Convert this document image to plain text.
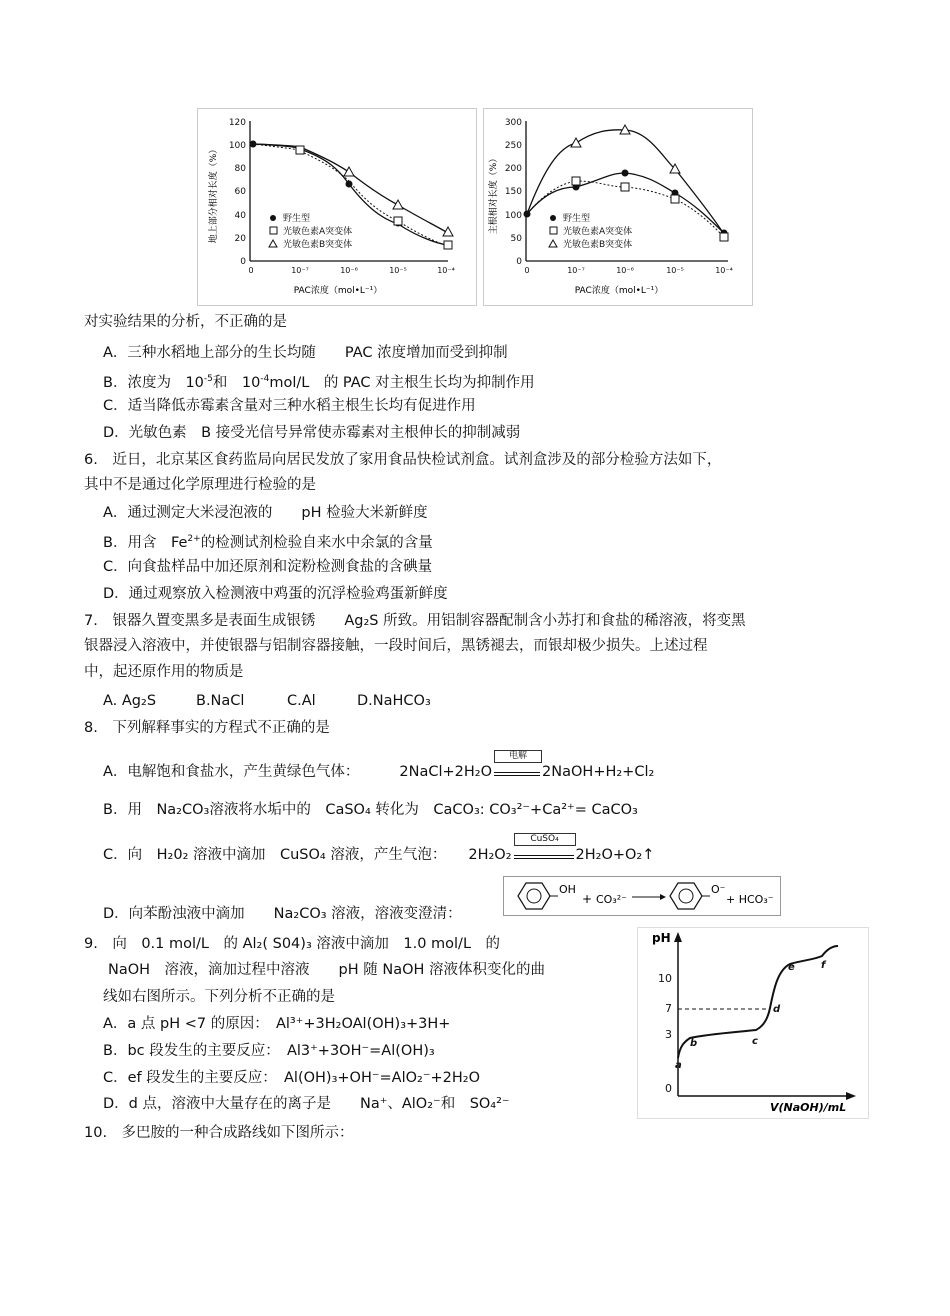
0
20
40
60
80
100
120
0	10⁻⁷	10⁻⁶	10⁻⁵	10⁻⁴
PAC浓度（mol•L⁻¹）
地上部分相对长度（%）	野生型
光敏色素A突变体
光敏色素B突变体
0
50
100
150
200
250
300
0	10⁻⁷	10⁻⁶	10⁻⁵	10⁻⁴
PAC浓度（mol•L⁻¹）
主根相对长度（%）	野生型
光敏色素A突变体
光敏色素B突变体
对实验结果的分析，不正确的是
A．三种水稻地上部分的生长均随　　PAC 浓度增加而受到抑制
B．浓度为　$10^{-5}$和　$10^{-4}mol/L$　的 PAC 对主根生长均为抑制作用
C．适当降低赤霉素含量对三种水稻主根生长均有促进作用
D．光敏色素　B 接受光信号异常使赤霉素对主根伸长的抑制减弱
6.　近日，北京某区食药监局向居民发放了家用食品快检试剂盒。试剂盒涉及的部分检验方法如下，
其中不是通过化学原理进行检验的是
A．通过测定大米浸泡液的　　pH 检验大米新鲜度
B．用含　$Fe^{2+}$的检测试剂检验自来水中余氯的含量
C．向食盐样品中加还原剂和淀粉检测食盐的含碘量
D．通过观察放入检测液中鸡蛋的沉浮检验鸡蛋新鲜度
7.　银器久置变黑多是表面生成银锈　　Ag₂S 所致。用铝制容器配制含小苏打和食盐的稀溶液，将变黑
银器浸入溶液中，并使银器与铝制容器接触，一段时间后，黑锈褪去，而银却极少损失。上述过程
中，起还原作用的物质是
A. Ag₂S	B.NaCl	C.Al	D.NaHCO₃
8.　下列解释事实的方程式不正确的是
A．电解饱和食盐水，产生黄绿色气体：	2NaCl+2H₂O
电解
2NaOH+H₂+Cl₂
B．用　Na₂CO₃溶液将水垢中的　CaSO₄ 转化为　CaCO₃: CO₃²⁻+Ca²⁺= CaCO₃
C．向　H₂0₂ 溶液中滴加　CuSO₄ 溶液，产生气泡： 2H₂O₂
CuSO₄
2H₂O+O₂↑
D．向苯酚浊液中滴加　　Na₂CO₃ 溶液，溶液变澄清：
OH
+ CO₃²⁻
O⁻
+ HCO₃⁻
9.　向　0.1 mol/L　的 Al₂( S04)₃ 溶液中滴加　1.0 mol/L　的
NaOH　溶液，滴加过程中溶液　　pH 随 NaOH 溶液体积变化的曲
线如右图所示。下列分析不正确的是
A．a 点 pH <7 的原因：　Al³⁺+3H₂OAl(OH)₃+3H+
B．bc 段发生的主要反应：　Al3⁺+3OH⁻=Al(OH)₃
C．ef 段发生的主要反应：　Al(OH)₃+OH⁻=AlO₂⁻+2H₂O
D．d 点，溶液中大量存在的离子是　　Na⁺、AlO₂⁻和　SO₄²⁻
pH
V(NaOH)/mL
0
3
7
10
a
b	c
d
e	f
10.　多巴胺的一种合成路线如下图所示：
